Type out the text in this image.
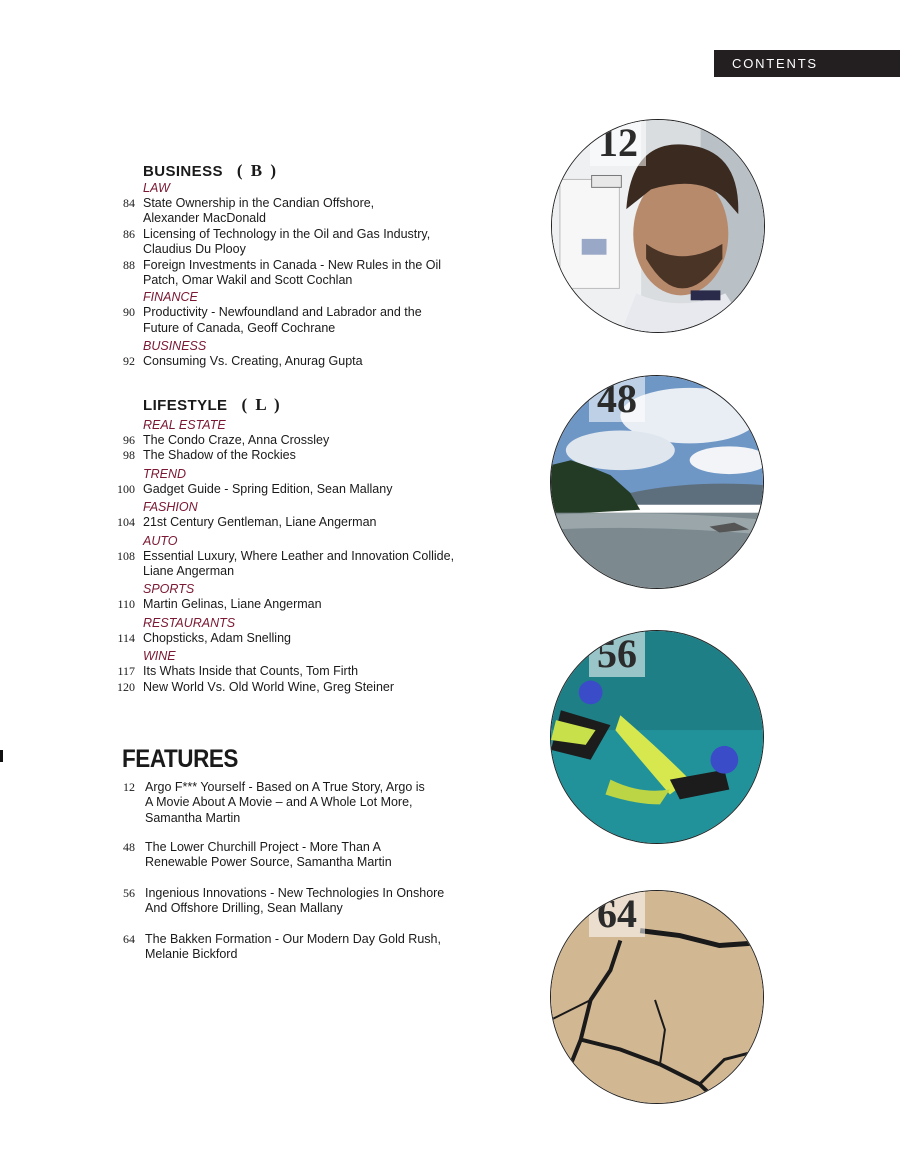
CONTENTS
BUSINESS ( B )
LAW
84 State Ownership in the Candian Offshore,
Alexander MacDonald
86 Licensing of Technology in the Oil and Gas Industry,
Claudius Du Plooy
88 Foreign Investments in Canada - New Rules in the Oil
Patch, Omar Wakil and Scott Cochlan
FINANCE
90 Productivity - Newfoundland and Labrador and the
Future of Canada, Geoff Cochrane
BUSINESS
92 Consuming Vs. Creating, Anurag Gupta
LIFESTYLE ( L )
REAL ESTATE
96 The Condo Craze, Anna Crossley
98 The Shadow of the Rockies
TREND
100 Gadget Guide - Spring Edition, Sean Mallany
FASHION
104 21st Century Gentleman, Liane Angerman
AUTO
108 Essential Luxury, Where Leather and Innovation Collide,
Liane Angerman
SPORTS
110 Martin Gelinas, Liane Angerman
RESTAURANTS
114 Chopsticks, Adam Snelling
WINE
117 Its Whats Inside that Counts, Tom Firth
120 New World Vs. Old World Wine, Greg Steiner
FEATURES
12 Argo F*** Yourself - Based on A True Story, Argo is
A Movie About A Movie – and A Whole Lot More,
Samantha Martin
48 The Lower Churchill Project - More Than A
Renewable Power Source, Samantha Martin
56 Ingenious Innovations - New Technologies In Onshore
And Offshore Drilling, Sean Mallany
64 The Bakken Formation - Our Modern Day Gold Rush,
Melanie Bickford
12
48
56
64
